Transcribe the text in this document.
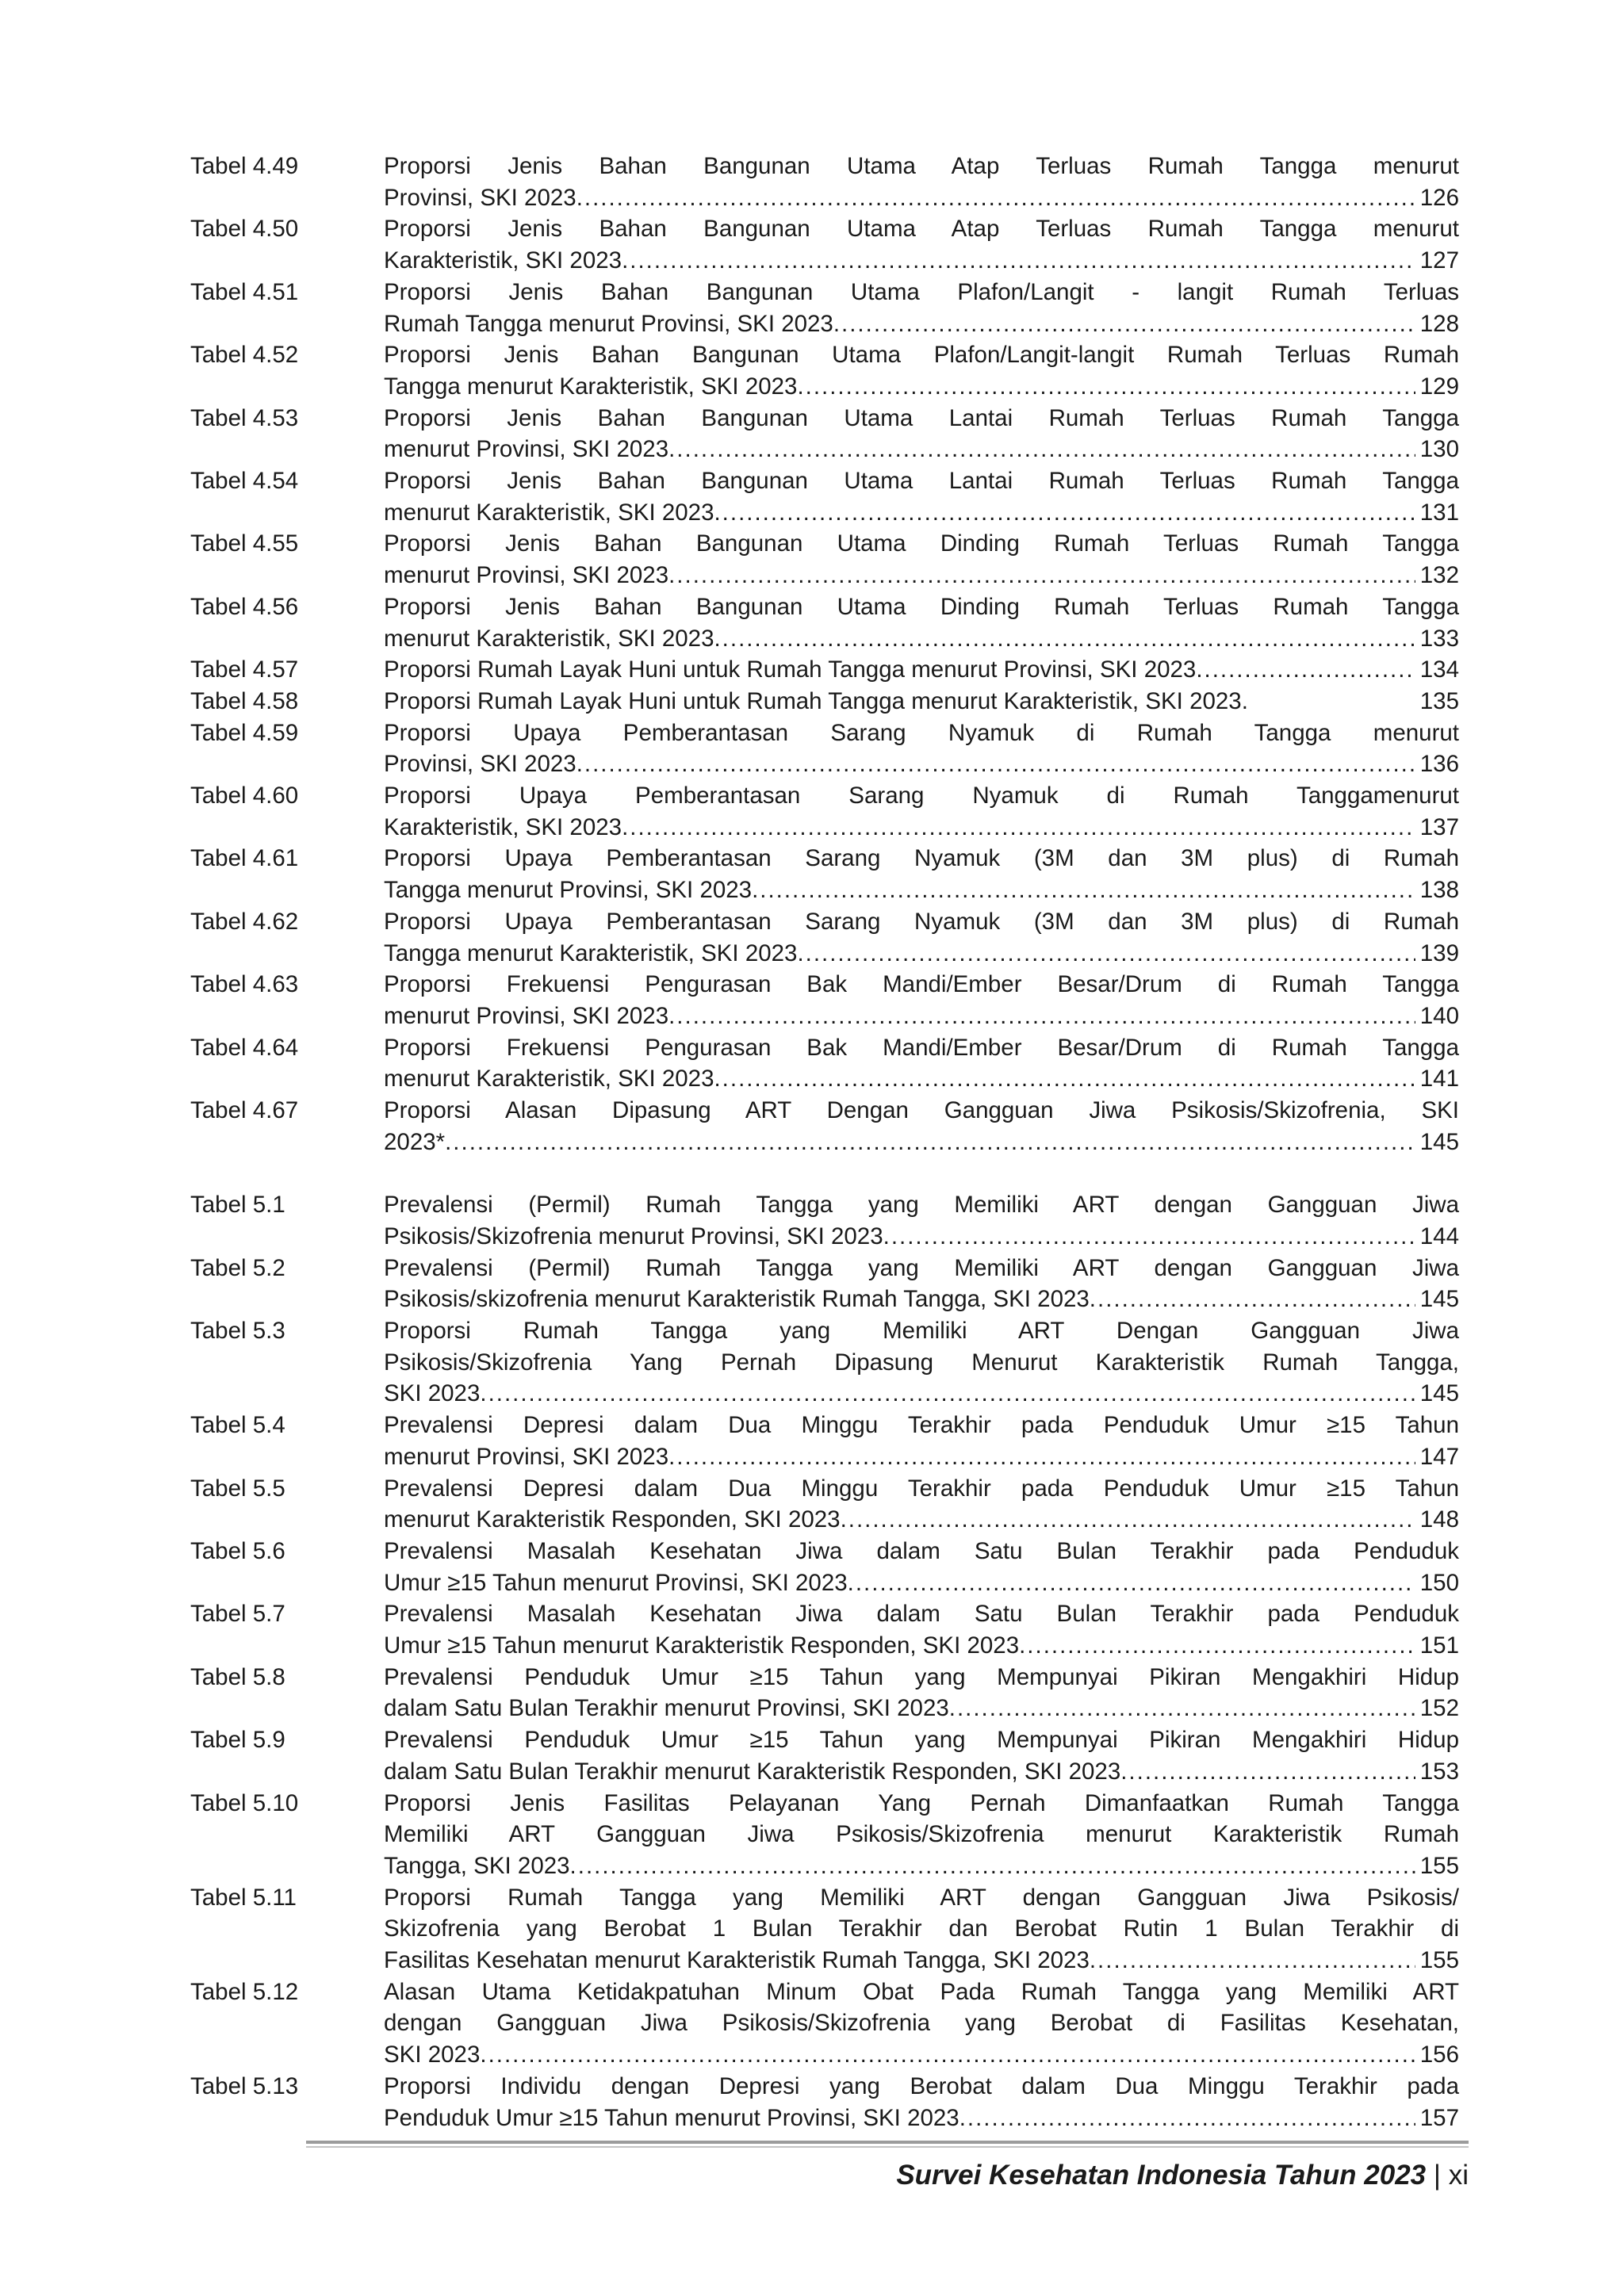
Tabel 4.49	Proporsi Jenis Bahan Bangunan Utama Atap Terluas Rumah Tangga menurut
Provinsi, SKI 2023 .....	126
Tabel 4.50	Proporsi Jenis Bahan Bangunan Utama Atap Terluas Rumah Tangga menurut
Karakteristik, SKI 2023 .....	127
Tabel 4.51	Proporsi Jenis Bahan Bangunan Utama Plafon/Langit - langit Rumah Terluas
Rumah Tangga menurut Provinsi, SKI 2023 .....	128
Tabel 4.52	Proporsi Jenis Bahan Bangunan Utama Plafon/Langit-langit Rumah Terluas Rumah
Tangga menurut Karakteristik, SKI 2023 .....	129
Tabel 4.53	Proporsi Jenis Bahan Bangunan Utama Lantai Rumah Terluas Rumah Tangga
menurut Provinsi, SKI 2023 .....	130
Tabel 4.54	Proporsi Jenis Bahan Bangunan Utama Lantai Rumah Terluas Rumah Tangga
menurut Karakteristik, SKI 2023 .....	131
Tabel 4.55	Proporsi Jenis Bahan Bangunan Utama Dinding Rumah Terluas Rumah Tangga
menurut Provinsi, SKI 2023 .....	132
Tabel 4.56	Proporsi Jenis Bahan Bangunan Utama Dinding Rumah Terluas Rumah Tangga
menurut Karakteristik, SKI 2023 .....	133
Tabel 4.57	Proporsi Rumah Layak Huni untuk Rumah Tangga menurut Provinsi, SKI 2023 .....	134
Tabel 4.58	Proporsi Rumah Layak Huni untuk Rumah Tangga menurut Karakteristik, SKI 2023.	135
Tabel 4.59	Proporsi Upaya Pemberantasan Sarang Nyamuk di Rumah Tangga menurut
Provinsi, SKI 2023 .....	136
Tabel 4.60	Proporsi Upaya Pemberantasan Sarang Nyamuk di Rumah Tanggamenurut
Karakteristik, SKI 2023 .....	137
Tabel 4.61	Proporsi Upaya Pemberantasan Sarang Nyamuk (3M dan 3M plus) di Rumah
Tangga menurut Provinsi, SKI 2023 .....	138
Tabel 4.62	Proporsi Upaya Pemberantasan Sarang Nyamuk (3M dan 3M plus) di Rumah
Tangga menurut Karakteristik, SKI 2023 .....	139
Tabel 4.63	Proporsi Frekuensi Pengurasan Bak Mandi/Ember Besar/Drum di Rumah Tangga
menurut Provinsi, SKI 2023 .....	140
Tabel 4.64	Proporsi Frekuensi Pengurasan Bak Mandi/Ember Besar/Drum di Rumah Tangga
menurut Karakteristik, SKI 2023 .....	141
Tabel 4.67	Proporsi Alasan Dipasung ART Dengan Gangguan Jiwa Psikosis/Skizofrenia, SKI
2023* .....	145
Tabel 5.1	Prevalensi (Permil) Rumah Tangga yang Memiliki ART dengan Gangguan Jiwa
Psikosis/Skizofrenia menurut Provinsi, SKI 2023 .....	144
Tabel 5.2	Prevalensi (Permil) Rumah Tangga yang Memiliki ART dengan Gangguan Jiwa
Psikosis/skizofrenia menurut Karakteristik Rumah Tangga, SKI 2023 .....	145
Tabel 5.3	Proporsi Rumah Tangga yang Memiliki ART Dengan Gangguan Jiwa
Psikosis/Skizofrenia Yang Pernah Dipasung Menurut Karakteristik Rumah Tangga,
SKI 2023 .....	145
Tabel 5.4	Prevalensi Depresi dalam Dua Minggu Terakhir pada Penduduk Umur ≥15 Tahun
menurut Provinsi, SKI 2023 .....	147
Tabel 5.5	Prevalensi Depresi dalam Dua Minggu Terakhir pada Penduduk Umur ≥15 Tahun
menurut Karakteristik Responden, SKI 2023 .....	148
Tabel 5.6	Prevalensi Masalah Kesehatan Jiwa dalam Satu Bulan Terakhir pada Penduduk
Umur ≥15 Tahun menurut Provinsi, SKI 2023 .....	150
Tabel 5.7	Prevalensi Masalah Kesehatan Jiwa dalam Satu Bulan Terakhir pada Penduduk
Umur ≥15 Tahun menurut Karakteristik Responden, SKI 2023 .....	151
Tabel 5.8	Prevalensi Penduduk Umur ≥15 Tahun yang Mempunyai Pikiran Mengakhiri Hidup
dalam Satu Bulan Terakhir menurut Provinsi, SKI 2023 .....	152
Tabel 5.9	Prevalensi Penduduk Umur ≥15 Tahun yang Mempunyai Pikiran Mengakhiri Hidup
dalam Satu Bulan Terakhir menurut Karakteristik Responden, SKI 2023 .....	153
Tabel 5.10	Proporsi Jenis Fasilitas Pelayanan Yang Pernah Dimanfaatkan Rumah Tangga
Memiliki ART Gangguan Jiwa Psikosis/Skizofrenia menurut Karakteristik Rumah
Tangga, SKI 2023 .....	155
Tabel 5.11	Proporsi Rumah Tangga yang Memiliki ART dengan Gangguan Jiwa Psikosis/
Skizofrenia yang Berobat 1 Bulan Terakhir dan Berobat Rutin 1 Bulan Terakhir di
Fasilitas Kesehatan menurut Karakteristik Rumah Tangga, SKI 2023 .....	155
Tabel 5.12	Alasan Utama Ketidakpatuhan Minum Obat Pada Rumah Tangga yang Memiliki ART
dengan Gangguan Jiwa Psikosis/Skizofrenia yang Berobat di Fasilitas Kesehatan,
SKI 2023 .....	156
Tabel 5.13	Proporsi Individu dengan Depresi yang Berobat dalam Dua Minggu Terakhir pada
Penduduk Umur ≥15 Tahun menurut Provinsi, SKI 2023 .....	157
Survei Kesehatan Indonesia Tahun 2023 | xi
